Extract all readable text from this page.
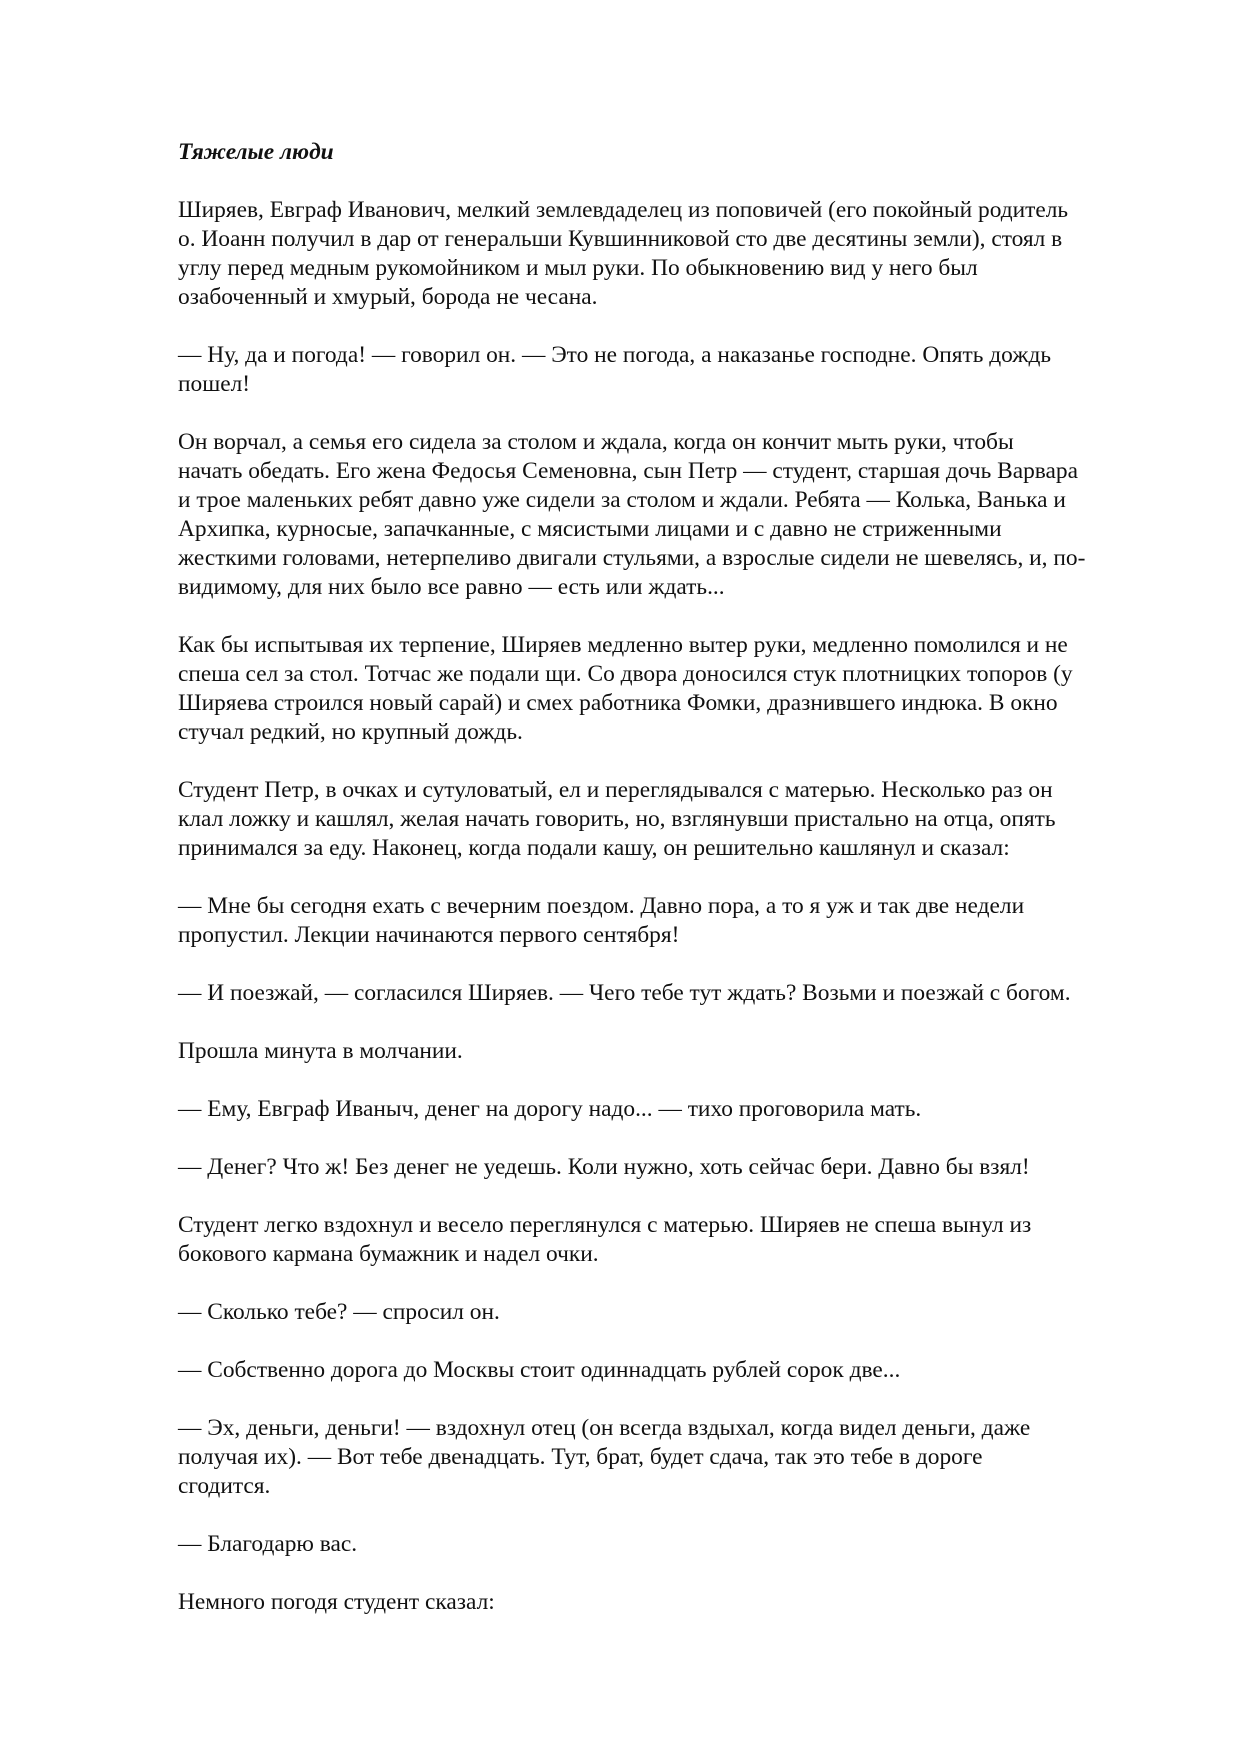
Тяжелые люди
Ширяев, Евграф Иванович, мелкий землевдаделец из поповичей (его покойный родитель
о. Иоанн получил в дар от генеральши Кувшинниковой сто две десятины земли), стоял в
углу перед медным рукомойником и мыл руки. По обыкновению вид у него был
озабоченный и хмурый, борода не чесана.
— Ну, да и погода! — говорил он. — Это не погода, а наказанье господне. Опять дождь
пошел!
Он ворчал, а семья его сидела за столом и ждала, когда он кончит мыть руки, чтобы
начать обедать. Его жена Федосья Семеновна, сын Петр — студент, старшая дочь Варвара
и трое маленьких ребят давно уже сидели за столом и ждали. Ребята — Колька, Ванька и
Архипка, курносые, запачканные, с мясистыми лицами и с давно не стриженными
жесткими головами, нетерпеливо двигали стульями, а взрослые сидели не шевелясь, и, по-
видимому, для них было все равно — есть или ждать...
Как бы испытывая их терпение, Ширяев медленно вытер руки, медленно помолился и не
спеша сел за стол. Тотчас же подали щи. Со двора доносился стук плотницких топоров (у
Ширяева строился новый сарай) и смех работника Фомки, дразнившего индюка. В окно
стучал редкий, но крупный дождь.
Студент Петр, в очках и сутуловатый, ел и переглядывался с матерью. Несколько раз он
клал ложку и кашлял, желая начать говорить, но, взглянувши пристально на отца, опять
принимался за еду. Наконец, когда подали кашу, он решительно кашлянул и сказал:
— Мне бы сегодня ехать с вечерним поездом. Давно пора, а то я уж и так две недели
пропустил. Лекции начинаются первого сентября!
— И поезжай, — согласился Ширяев. — Чего тебе тут ждать? Возьми и поезжай с богом.
Прошла минута в молчании.
— Ему, Евграф Иваныч, денег на дорогу надо... — тихо проговорила мать.
— Денег? Что ж! Без денег не уедешь. Коли нужно, хоть сейчас бери. Давно бы взял!
Студент легко вздохнул и весело переглянулся с матерью. Ширяев не спеша вынул из
бокового кармана бумажник и надел очки.
— Сколько тебе? — спросил он.
— Собственно дорога до Москвы стоит одиннадцать рублей сорок две...
— Эх, деньги, деньги! — вздохнул отец (он всегда вздыхал, когда видел деньги, даже
получая их). — Вот тебе двенадцать. Тут, брат, будет сдача, так это тебе в дороге
сгодится.
— Благодарю вас.
Немного погодя студент сказал:
